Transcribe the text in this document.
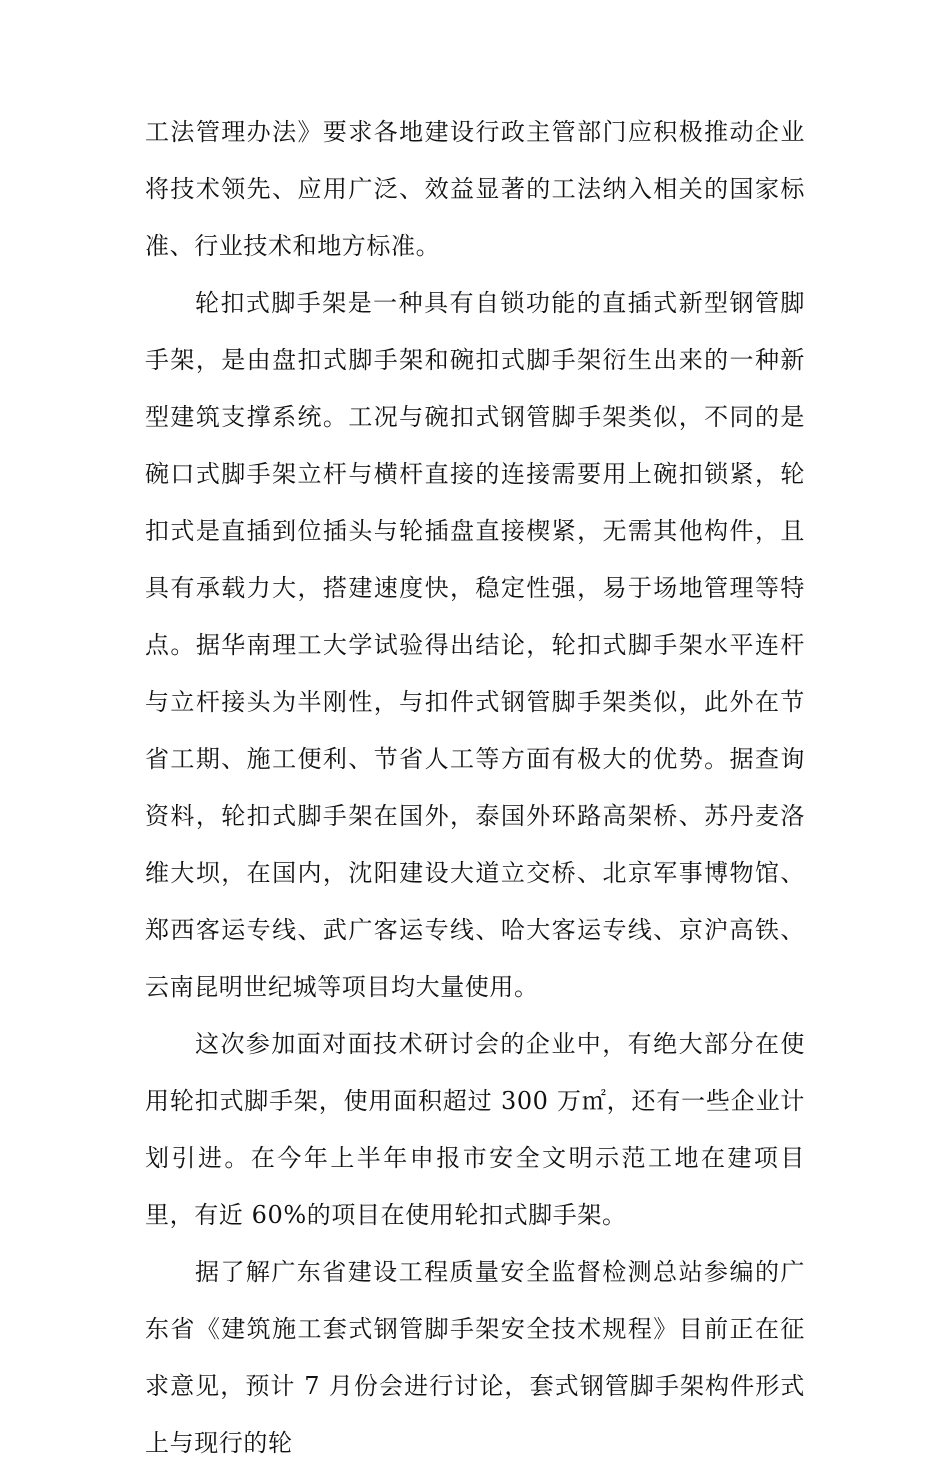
工法管理办法》要求各地建设行政主管部门应积极推动企业将技术领先、应用广泛、效益显著的工法纳入相关的国家标准、行业技术和地方标准。

轮扣式脚手架是一种具有自锁功能的直插式新型钢管脚手架，是由盘扣式脚手架和碗扣式脚手架衍生出来的一种新型建筑支撑系统。工况与碗扣式钢管脚手架类似，不同的是碗口式脚手架立杆与横杆直接的连接需要用上碗扣锁紧，轮扣式是直插到位插头与轮插盘直接楔紧，无需其他构件，且具有承载力大，搭建速度快，稳定性强，易于场地管理等特点。据华南理工大学试验得出结论，轮扣式脚手架水平连杆与立杆接头为半刚性，与扣件式钢管脚手架类似，此外在节省工期、施工便利、节省人工等方面有极大的优势。据查询资料，轮扣式脚手架在国外，泰国外环路高架桥、苏丹麦洛维大坝，在国内，沈阳建设大道立交桥、北京军事博物馆、郑西客运专线、武广客运专线、哈大客运专线、京沪高铁、云南昆明世纪城等项目均大量使用。

这次参加面对面技术研讨会的企业中，有绝大部分在使用轮扣式脚手架，使用面积超过 300 万㎡，还有一些企业计划引进。在今年上半年申报市安全文明示范工地在建项目里，有近 60%的项目在使用轮扣式脚手架。

据了解广东省建设工程质量安全监督检测总站参编的广东省《建筑施工套式钢管脚手架安全技术规程》目前正在征求意见，预计 7 月份会进行讨论，套式钢管脚手架构件形式上与现行的轮
